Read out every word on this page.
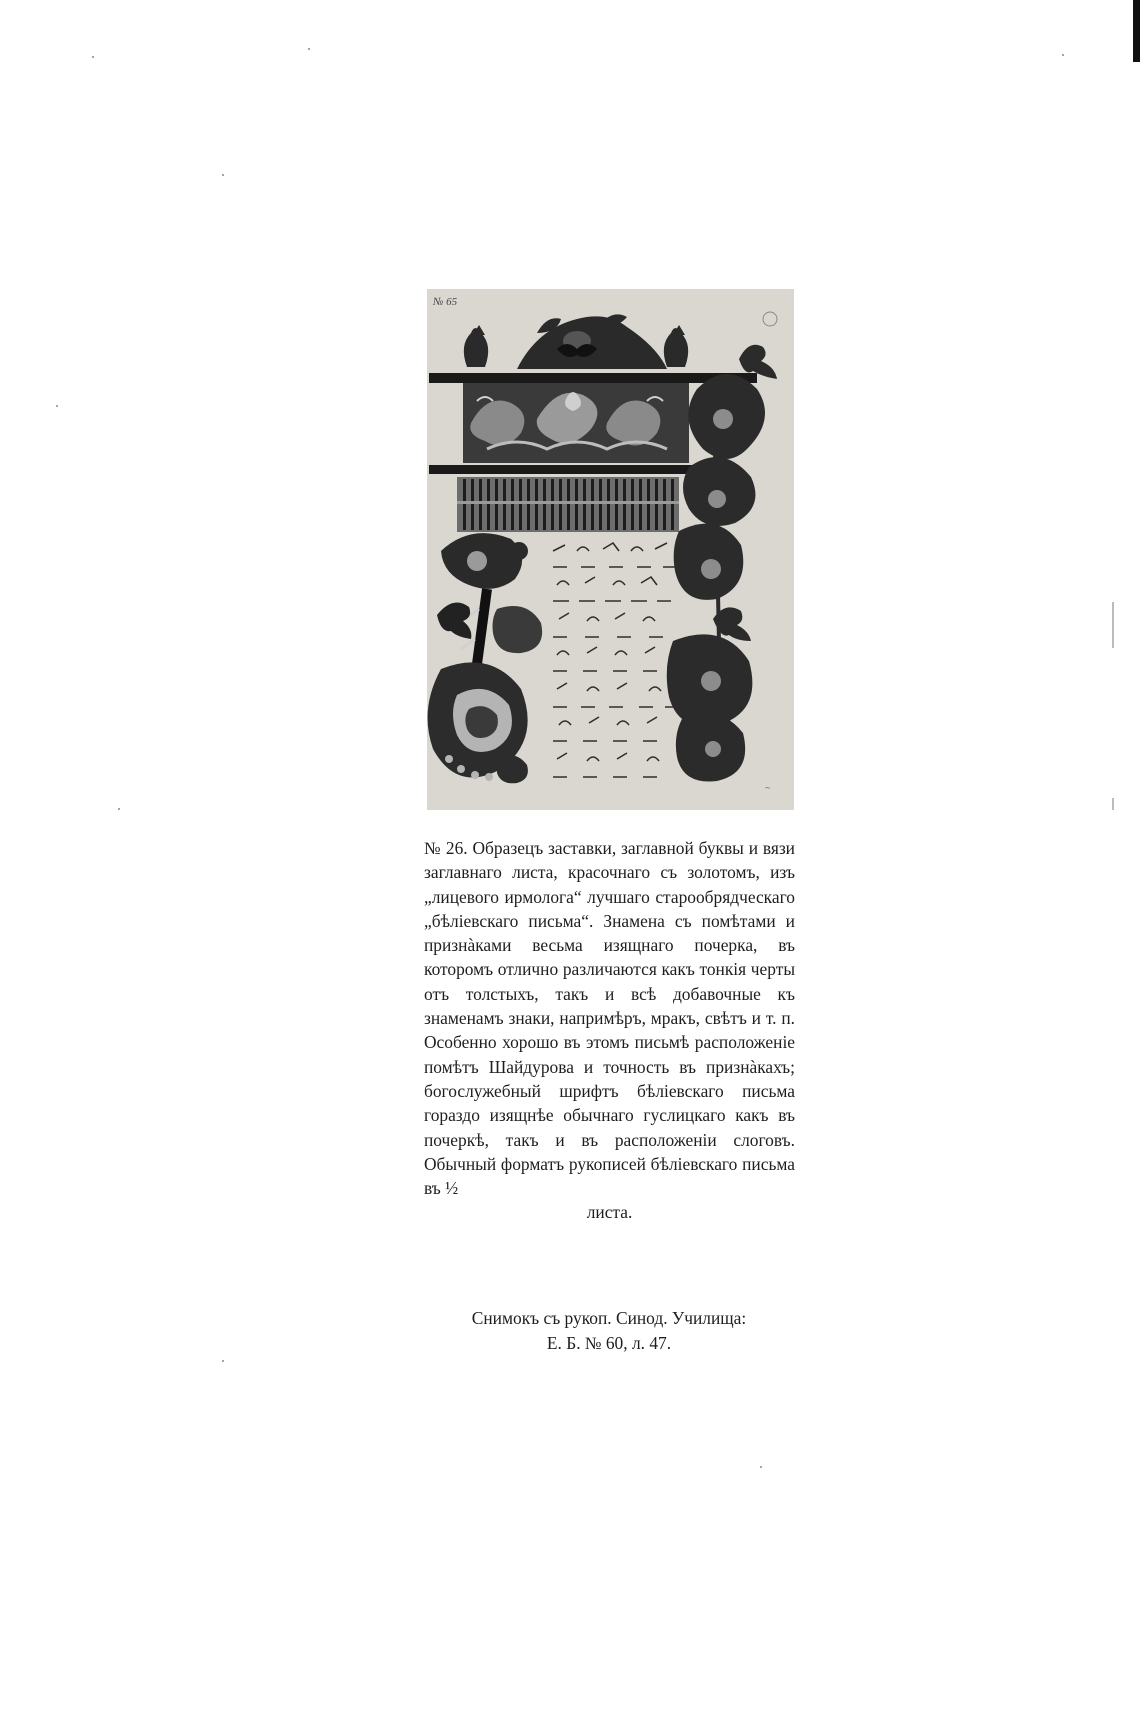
№ 65
~

№ 26. Образецъ заставки, заглавной буквы и вязи заглавнаго листа, красочнаго съ золотомъ, изъ „лицевого ирмолога“ лучшаго старообрядческаго „бѣлiевскаго письма“. Знамена съ помѣтами и признàками весьма изящнаго почерка, въ которомъ отлично различаются какъ тонкiя черты отъ толстыхъ, такъ и всѣ добавочные къ знаменамъ знаки, напримѣръ, мракъ, свѣтъ и т. п. Особенно хорошо въ этомъ письмѣ расположенiе помѣтъ Шайдурова и точность въ признàкахъ; богослужебный шрифтъ бѣлiевскаго письма гораздо изящнѣе обычнаго гуслицкаго какъ въ почеркѣ, такъ и въ расположенiи слоговъ. Обычный форматъ рукописей бѣлiевскаго письма въ ½

листа.

Снимокъ съ рукоп. Синод. Училища:
Е. Б. № 60, л. 47.
